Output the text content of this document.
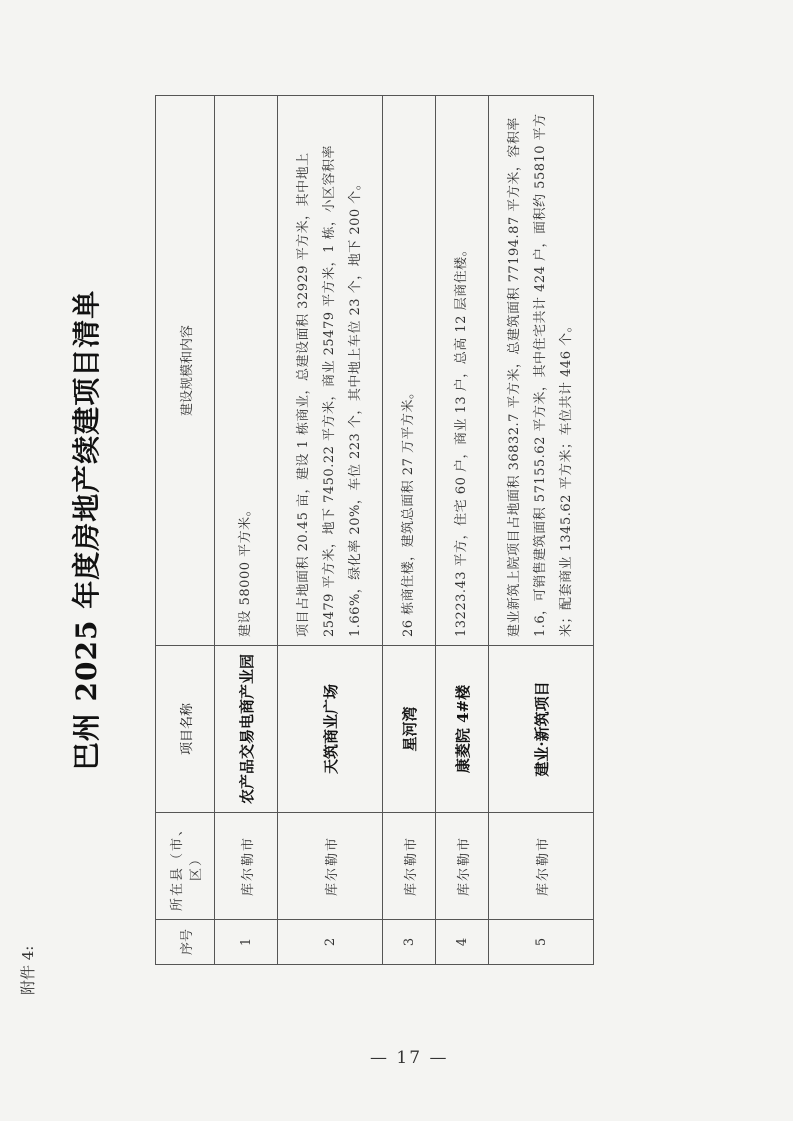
附件 4:
巴州 2025 年度房地产续建项目清单
序号	所在县（市、区）	项目名称	建设规模和内容
1	库尔勒市	农产品交易电商产业园	建设 58000 平方米。
2	库尔勒市	天筑商业广场	项目占地面积 20.45 亩，建设 1 栋商业，总建设面积 32929 平方米，其中地上 25479 平方米，地下 7450.22 平方米，商业 25479 平方米，1 栋，小区容积率 1.66%，绿化率 20%，车位 223 个，其中地上车位 23 个，地下 200 个。
3	库尔勒市	星河湾	26 栋商住楼，建筑总面积 27 万平方米。
4	库尔勒市	康菱院 4#楼	13223.43 平方，住宅 60 户，商业 13 户，总高 12 层商住楼。
5	库尔勒市	建业·新筑项目	建业新筑上院项目占地面积 36832.7 平方米，总建筑面积 77194.87 平方米，容积率 1.6，可销售建筑面积 57155.62 平方米，其中住宅共计 424 户，面积约 55810 平方米；配套商业 1345.62 平方米；车位共计 446 个。
— 17 —
